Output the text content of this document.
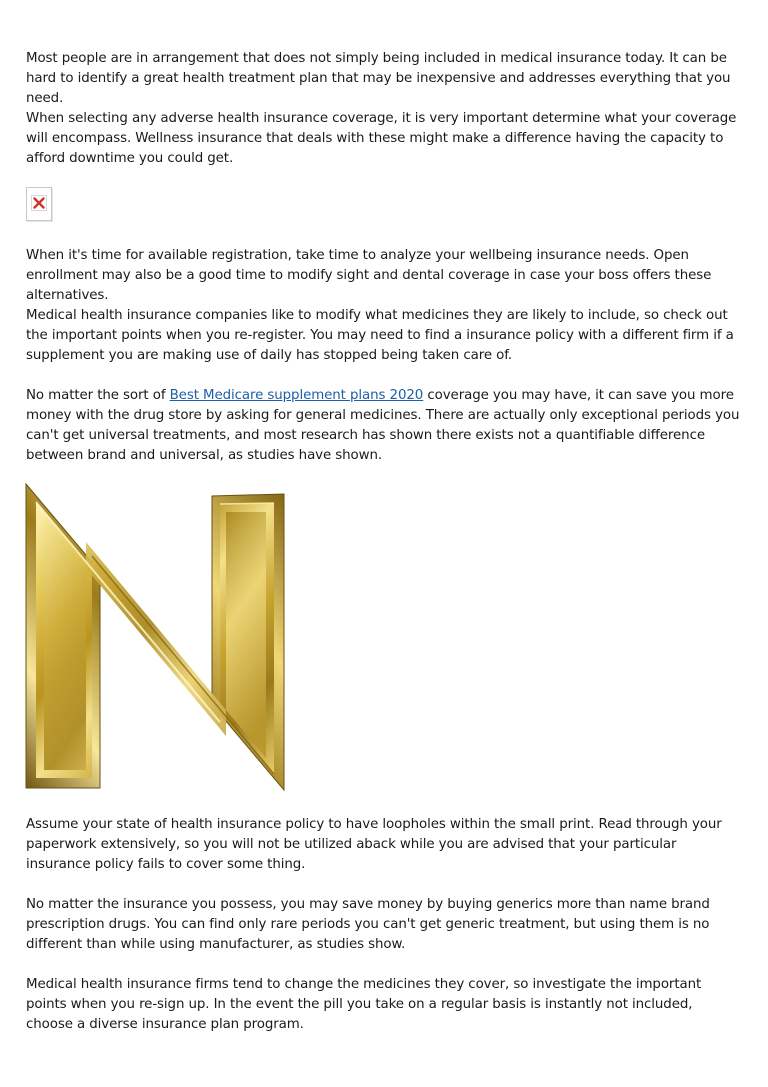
Most people are in arrangement that does not simply being included in medical insurance today. It can be hard to identify a great health treatment plan that may be inexpensive and addresses everything that you need.

When selecting any adverse health insurance coverage, it is very important determine what your coverage will encompass. Wellness insurance that deals with these might make a difference having the capacity to afford downtime you could get.

When it's time for available registration, take time to analyze your wellbeing insurance needs. Open enrollment may also be a good time to modify sight and dental coverage in case your boss offers these alternatives.

Medical health insurance companies like to modify what medicines they are likely to include, so check out the important points when you re-register. You may need to find a insurance policy with a different firm if a supplement you are making use of daily has stopped being taken care of.

No matter the sort of Best Medicare supplement plans 2020 coverage you may have, it can save you more money with the drug store by asking for general medicines. There are actually only exceptional periods you can't get universal treatments, and most research has shown there exists not a quantifiable difference between brand and universal, as studies have shown.

Assume your state of health insurance policy to have loopholes within the small print. Read through your paperwork extensively, so you will not be utilized aback while you are advised that your particular insurance policy fails to cover some thing.

No matter the insurance you possess, you may save money by buying generics more than name brand prescription drugs. You can find only rare periods you can't get generic treatment, but using them is no different than while using manufacturer, as studies show.

Medical health insurance firms tend to change the medicines they cover, so investigate the important points when you re-sign up. In the event the pill you take on a regular basis is instantly not included, choose a diverse insurance plan program.
